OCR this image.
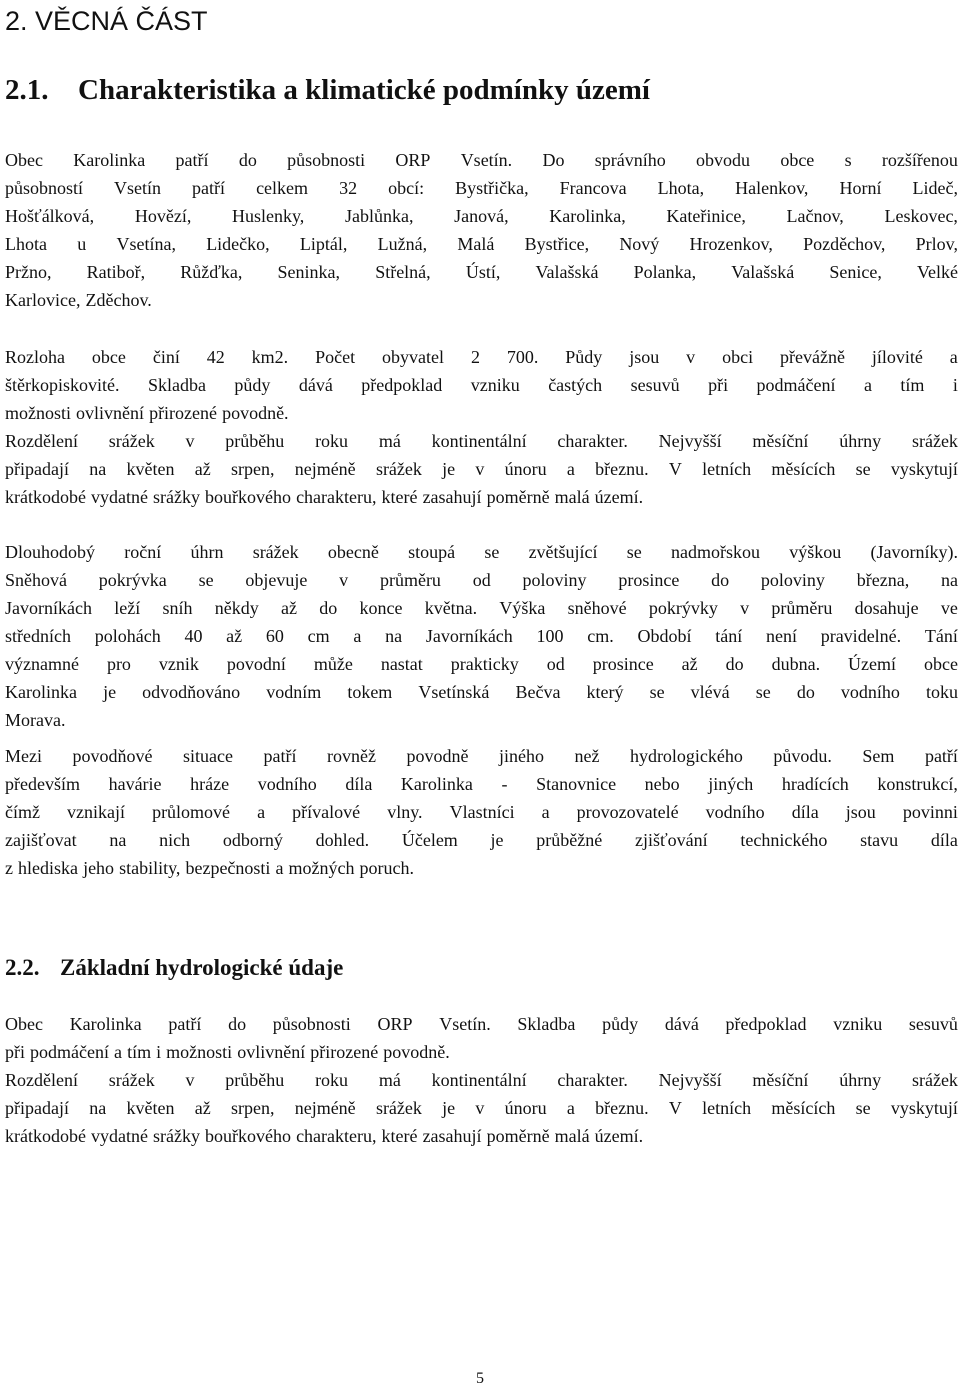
2. VĚCNÁ ČÁST
2.1. Charakteristika a klimatické podmínky území
Obec Karolinka patří do působnosti ORP Vsetín. Do správního obvodu obce s rozšířenou
působností Vsetín patří celkem 32 obcí: Bystřička, Francova Lhota, Halenkov, Horní Lideč,
Hošťálková, Hovězí, Huslenky, Jablůnka, Janová, Karolinka, Kateřinice, Lačnov, Leskovec,
Lhota u Vsetína, Lidečko, Liptál, Lužná, Malá Bystřice, Nový Hrozenkov, Pozděchov, Prlov,
Pržno, Ratiboř, Růžďka, Seninka, Střelná, Ústí, Valašská Polanka, Valašská Senice, Velké
Karlovice, Zděchov.
Rozloha obce činí 42 km2. Počet obyvatel 2 700. Půdy jsou v obci převážně jílovité a
štěrkopiskovité. Skladba půdy dává předpoklad vzniku častých sesuvů při podmáčení a tím i
možnosti ovlivnění přirozené povodně.
Rozdělení srážek v průběhu roku má kontinentální charakter. Nejvyšší měsíční úhrny srážek
připadají na květen až srpen, nejméně srážek je v únoru a březnu. V letních měsících se vyskytují
krátkodobé vydatné srážky bouřkového charakteru, které zasahují poměrně malá území.
Dlouhodobý roční úhrn srážek obecně stoupá se zvětšující se nadmořskou výškou (Javorníky).
Sněhová pokrývka se objevuje v průměru od poloviny prosince do poloviny března, na
Javorníkách leží sníh někdy až do konce května. Výška sněhové pokrývky v průměru dosahuje ve
středních polohách 40 až 60 cm a na Javorníkách 100 cm. Období tání není pravidelné. Tání
významné pro vznik povodní může nastat prakticky od prosince až do dubna. Území obce
Karolinka je odvodňováno vodním tokem Vsetínská Bečva který se vlévá se do vodního toku
Morava.
Mezi povodňové situace patří rovněž povodně jiného než hydrologického původu. Sem patří
především havárie hráze vodního díla Karolinka - Stanovnice nebo jiných hradících konstrukcí,
čímž vznikají průlomové a přívalové vlny. Vlastníci a provozovatelé vodního díla jsou povinni
zajišťovat na nich odborný dohled. Účelem je průběžné zjišťování technického stavu díla
z hlediska jeho stability, bezpečnosti a možných poruch.
2.2. Základní hydrologické údaje
Obec Karolinka patří do působnosti ORP Vsetín. Skladba půdy dává předpoklad vzniku sesuvů
při podmáčení a tím i možnosti ovlivnění přirozené povodně.
Rozdělení srážek v průběhu roku má kontinentální charakter. Nejvyšší měsíční úhrny srážek
připadají na květen až srpen, nejméně srážek je v únoru a březnu. V letních měsících se vyskytují
krátkodobé vydatné srážky bouřkového charakteru, které zasahují poměrně malá území.
5
